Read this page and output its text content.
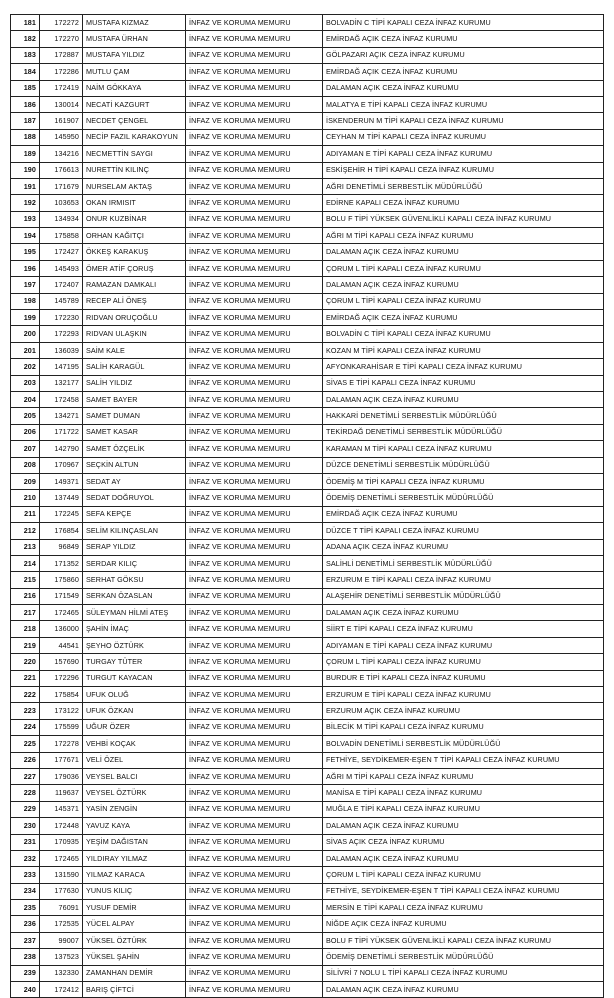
181	172272	MUSTAFA KIZMAZ	İNFAZ VE KORUMA MEMURU	BOLVADİN C TİPİ KAPALI CEZA İNFAZ KURUMU
182	172270	MUSTAFA ÜRHAN	İNFAZ VE KORUMA MEMURU	EMİRDAĞ AÇIK CEZA İNFAZ KURUMU
183	172887	MUSTAFA YILDIZ	İNFAZ VE KORUMA MEMURU	GÖLPAZARI AÇIK CEZA İNFAZ KURUMU
184	172286	MUTLU ÇAM	İNFAZ VE KORUMA MEMURU	EMİRDAĞ AÇIK CEZA İNFAZ KURUMU
185	172419	NAİM GÖKKAYA	İNFAZ VE KORUMA MEMURU	DALAMAN AÇIK CEZA İNFAZ KURUMU
186	130014	NECATİ KAZGURT	İNFAZ VE KORUMA MEMURU	MALATYA E TİPİ KAPALI CEZA İNFAZ KURUMU
187	161907	NECDET ÇENGEL	İNFAZ VE KORUMA MEMURU	İSKENDERUN M TİPİ KAPALI CEZA İNFAZ KURUMU
188	145950	NECİP FAZIL KARAKOYUN	İNFAZ VE KORUMA MEMURU	CEYHAN M TİPİ KAPALI CEZA İNFAZ KURUMU
189	134216	NECMETTİN SAYGI	İNFAZ VE KORUMA MEMURU	ADIYAMAN E TİPİ KAPALI CEZA İNFAZ KURUMU
190	176613	NURETTİN KILINÇ	İNFAZ VE KORUMA MEMURU	ESKİŞEHİR H TİPİ KAPALI CEZA İNFAZ KURUMU
191	171679	NURSELAM AKTAŞ	İNFAZ VE KORUMA MEMURU	AĞRI DENETİMLİ SERBESTLİK MÜDÜRLÜĞÜ
192	103653	OKAN IRMISIT	İNFAZ VE KORUMA MEMURU	EDİRNE KAPALI CEZA İNFAZ KURUMU
193	134934	ONUR KUZBİNAR	İNFAZ VE KORUMA MEMURU	BOLU F TİPİ YÜKSEK GÜVENLİKLİ KAPALI CEZA İNFAZ KURUMU
194	175858	ORHAN KAĞITÇI	İNFAZ VE KORUMA MEMURU	AĞRI M TİPİ KAPALI CEZA İNFAZ KURUMU
195	172427	ÖKKEŞ KARAKUŞ	İNFAZ VE KORUMA MEMURU	DALAMAN AÇIK CEZA İNFAZ KURUMU
196	145493	ÖMER ATİF ÇORUŞ	İNFAZ VE KORUMA MEMURU	ÇORUM L TİPİ KAPALI CEZA İNFAZ KURUMU
197	172407	RAMAZAN DAMKALI	İNFAZ VE KORUMA MEMURU	DALAMAN AÇIK CEZA İNFAZ KURUMU
198	145789	RECEP ALİ ÖNEŞ	İNFAZ VE KORUMA MEMURU	ÇORUM L TİPİ KAPALI CEZA İNFAZ KURUMU
199	172230	RIDVAN ORUÇOĞLU	İNFAZ VE KORUMA MEMURU	EMİRDAĞ AÇIK CEZA İNFAZ KURUMU
200	172293	RIDVAN ULAŞKIN	İNFAZ VE KORUMA MEMURU	BOLVADİN C TİPİ KAPALI CEZA İNFAZ KURUMU
201	136039	SAİM KALE	İNFAZ VE KORUMA MEMURU	KOZAN M TİPİ KAPALI CEZA İNFAZ KURUMU
202	147195	SALİH KARAGÜL	İNFAZ VE KORUMA MEMURU	AFYONKARAHİSAR E TİPİ KAPALI CEZA İNFAZ KURUMU
203	132177	SALİH YILDIZ	İNFAZ VE KORUMA MEMURU	SİVAS E TİPİ KAPALI CEZA İNFAZ KURUMU
204	172458	SAMET BAYER	İNFAZ VE KORUMA MEMURU	DALAMAN AÇIK CEZA İNFAZ KURUMU
205	134271	SAMET DUMAN	İNFAZ VE KORUMA MEMURU	HAKKARİ DENETİMLİ SERBESTLİK MÜDÜRLÜĞÜ
206	171722	SAMET KASAR	İNFAZ VE KORUMA MEMURU	TEKİRDAĞ DENETİMLİ SERBESTLİK MÜDÜRLÜĞÜ
207	142790	SAMET ÖZÇELİK	İNFAZ VE KORUMA MEMURU	KARAMAN M TİPİ KAPALI CEZA İNFAZ KURUMU
208	170967	SEÇKİN ALTUN	İNFAZ VE KORUMA MEMURU	DÜZCE DENETİMLİ SERBESTLİK MÜDÜRLÜĞÜ
209	149371	SEDAT AY	İNFAZ VE KORUMA MEMURU	ÖDEMİŞ M TİPİ KAPALI CEZA İNFAZ KURUMU
210	137449	SEDAT DOĞRUYOL	İNFAZ VE KORUMA MEMURU	ÖDEMİŞ DENETİMLİ SERBESTLİK MÜDÜRLÜĞÜ
211	172245	SEFA KEPÇE	İNFAZ VE KORUMA MEMURU	EMİRDAĞ AÇIK CEZA İNFAZ KURUMU
212	176854	SELİM KILINÇASLAN	İNFAZ VE KORUMA MEMURU	DÜZCE T TİPİ KAPALI CEZA İNFAZ KURUMU
213	96849	SERAP YILDIZ	İNFAZ VE KORUMA MEMURU	ADANA AÇIK CEZA İNFAZ KURUMU
214	171352	SERDAR KILIÇ	İNFAZ VE KORUMA MEMURU	SALİHLİ DENETİMLİ SERBESTLİK MÜDÜRLÜĞÜ
215	175860	SERHAT GÖKSU	İNFAZ VE KORUMA MEMURU	ERZURUM E TİPİ KAPALI CEZA İNFAZ KURUMU
216	171549	SERKAN ÖZASLAN	İNFAZ VE KORUMA MEMURU	ALAŞEHİR DENETİMLİ SERBESTLİK MÜDÜRLÜĞÜ
217	172465	SÜLEYMAN HİLMİ ATEŞ	İNFAZ VE KORUMA MEMURU	DALAMAN AÇIK CEZA İNFAZ KURUMU
218	136000	ŞAHİN İMAÇ	İNFAZ VE KORUMA MEMURU	SİİRT E TİPİ KAPALI CEZA İNFAZ KURUMU
219	44541	ŞEYHO ÖZTÜRK	İNFAZ VE KORUMA MEMURU	ADIYAMAN E TİPİ KAPALI CEZA İNFAZ KURUMU
220	157690	TURGAY TÜTER	İNFAZ VE KORUMA MEMURU	ÇORUM L TİPİ KAPALI CEZA İNFAZ KURUMU
221	172296	TURGUT KAYACAN	İNFAZ VE KORUMA MEMURU	BURDUR E TİPİ KAPALI CEZA İNFAZ KURUMU
222	175854	UFUK OLUĞ	İNFAZ VE KORUMA MEMURU	ERZURUM E TİPİ KAPALI CEZA İNFAZ KURUMU
223	173122	UFUK ÖZKAN	İNFAZ VE KORUMA MEMURU	ERZURUM AÇIK CEZA İNFAZ KURUMU
224	175599	UĞUR ÖZER	İNFAZ VE KORUMA MEMURU	BİLECİK M TİPİ KAPALI CEZA İNFAZ KURUMU
225	172278	VEHBİ KOÇAK	İNFAZ VE KORUMA MEMURU	BOLVADİN DENETİMLİ SERBESTLİK MÜDÜRLÜĞÜ
226	177671	VELİ ÖZEL	İNFAZ VE KORUMA MEMURU	FETHİYE, SEYDİKEMER-EŞEN T TİPİ KAPALI CEZA İNFAZ KURUMU
227	179036	VEYSEL BALCI	İNFAZ VE KORUMA MEMURU	AĞRI M TİPİ KAPALI CEZA İNFAZ KURUMU
228	119637	VEYSEL ÖZTÜRK	İNFAZ VE KORUMA MEMURU	MANİSA E TİPİ KAPALI CEZA İNFAZ KURUMU
229	145371	YASİN ZENGİN	İNFAZ VE KORUMA MEMURU	MUĞLA E TİPİ KAPALI CEZA İNFAZ KURUMU
230	172448	YAVUZ KAYA	İNFAZ VE KORUMA MEMURU	DALAMAN AÇIK CEZA İNFAZ KURUMU
231	170935	YEŞİM DAĞISTAN	İNFAZ VE KORUMA MEMURU	SİVAS AÇIK CEZA İNFAZ KURUMU
232	172465	YILDIRAY YILMAZ	İNFAZ VE KORUMA MEMURU	DALAMAN AÇIK CEZA İNFAZ KURUMU
233	131590	YILMAZ KARACA	İNFAZ VE KORUMA MEMURU	ÇORUM L TİPİ KAPALI CEZA İNFAZ KURUMU
234	177630	YUNUS KILIÇ	İNFAZ VE KORUMA MEMURU	FETHİYE, SEYDİKEMER-EŞEN T TİPİ KAPALI CEZA İNFAZ KURUMU
235	76091	YUSUF DEMİR	İNFAZ VE KORUMA MEMURU	MERSİN E TİPİ KAPALI CEZA İNFAZ KURUMU
236	172535	YÜCEL ALPAY	İNFAZ VE KORUMA MEMURU	NİĞDE AÇIK CEZA İNFAZ KURUMU
237	99007	YÜKSEL ÖZTÜRK	İNFAZ VE KORUMA MEMURU	BOLU F TİPİ YÜKSEK GÜVENLİKLİ KAPALI CEZA İNFAZ KURUMU
238	137523	YÜKSEL ŞAHİN	İNFAZ VE KORUMA MEMURU	ÖDEMİŞ DENETİMLİ SERBESTLİK MÜDÜRLÜĞÜ
239	132330	ZAMANHAN DEMİR	İNFAZ VE KORUMA MEMURU	SİLİVRİ 7 NOLU L TİPİ KAPALI CEZA İNFAZ KURUMU
240	172412	BARIŞ ÇİFTCİ	İNFAZ VE KORUMA MEMURU	DALAMAN AÇIK CEZA İNFAZ KURUMU
